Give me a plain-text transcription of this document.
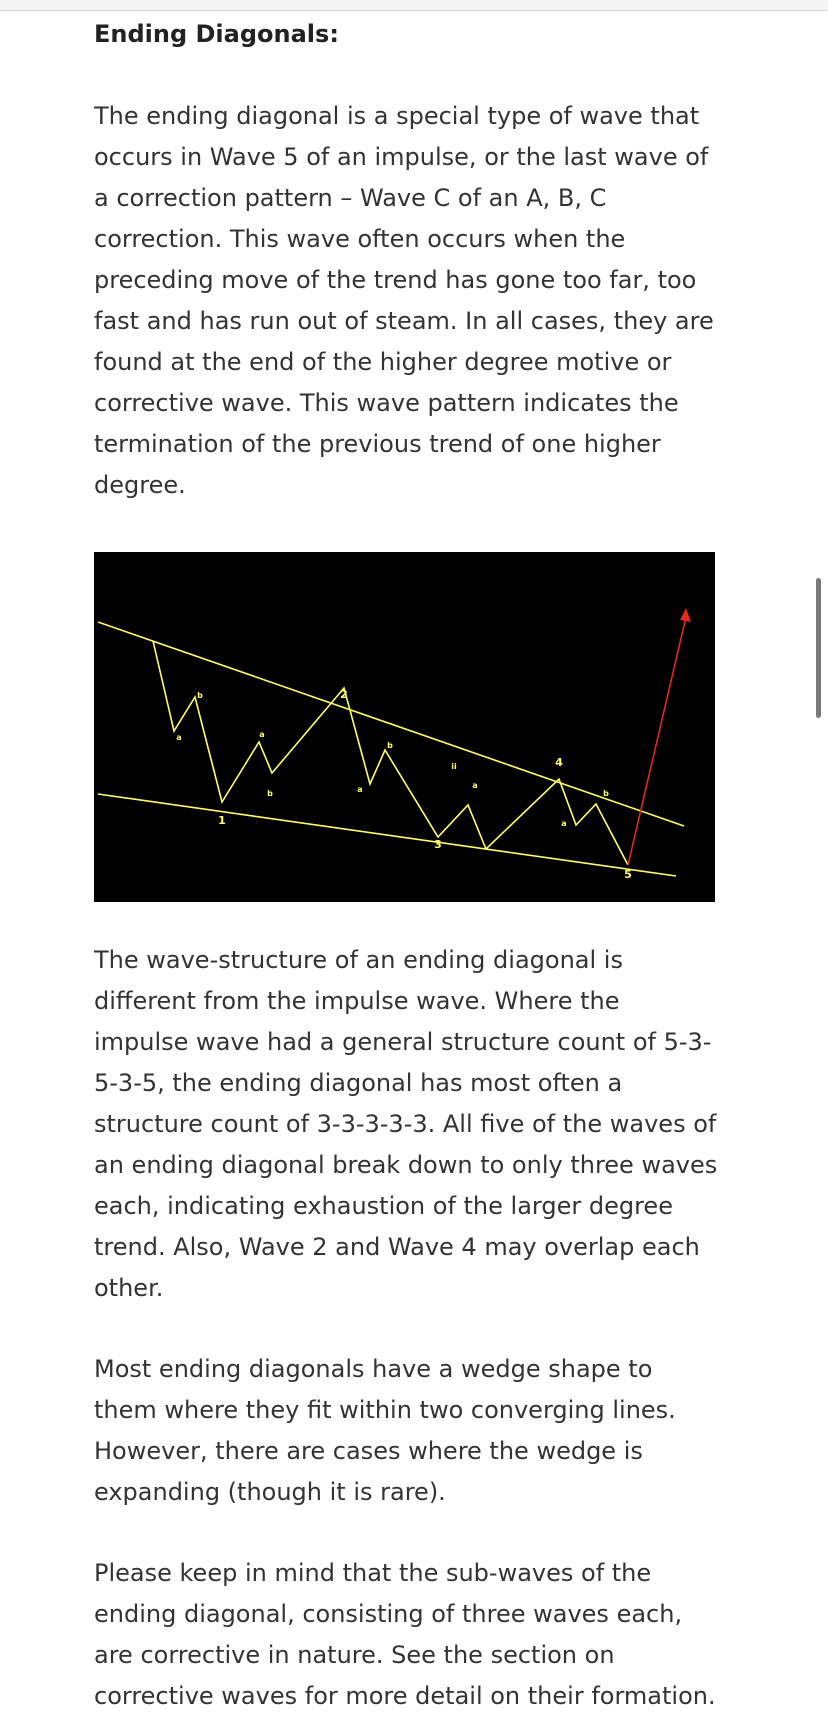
Ending Diagonals:

The ending diagonal is a special type of wave that occurs in Wave 5 of an impulse, or the last wave of a correction pattern – Wave C of an A, B, C correction. This wave often occurs when the preceding move of the trend has gone too far, too fast and has run out of steam. In all cases, they are found at the end of the higher degree motive or corrective wave. This wave pattern indicates the termination of the previous trend of one higher degree.

1
2
3
4
5
a
b
a
b	a
b
ii
a
a
b

The wave-structure of an ending diagonal is different from the impulse wave. Where the impulse wave had a general structure count of 5-3-5-3-5, the ending diagonal has most often a structure count of 3-3-3-3-3. All five of the waves of an ending diagonal break down to only three waves each, indicating exhaustion of the larger degree trend. Also, Wave 2 and Wave 4 may overlap each other.

Most ending diagonals have a wedge shape to them where they fit within two converging lines. However, there are cases where the wedge is expanding (though it is rare).

Please keep in mind that the sub-waves of the ending diagonal, consisting of three waves each, are corrective in nature. See the section on corrective waves for more detail on their formation.
